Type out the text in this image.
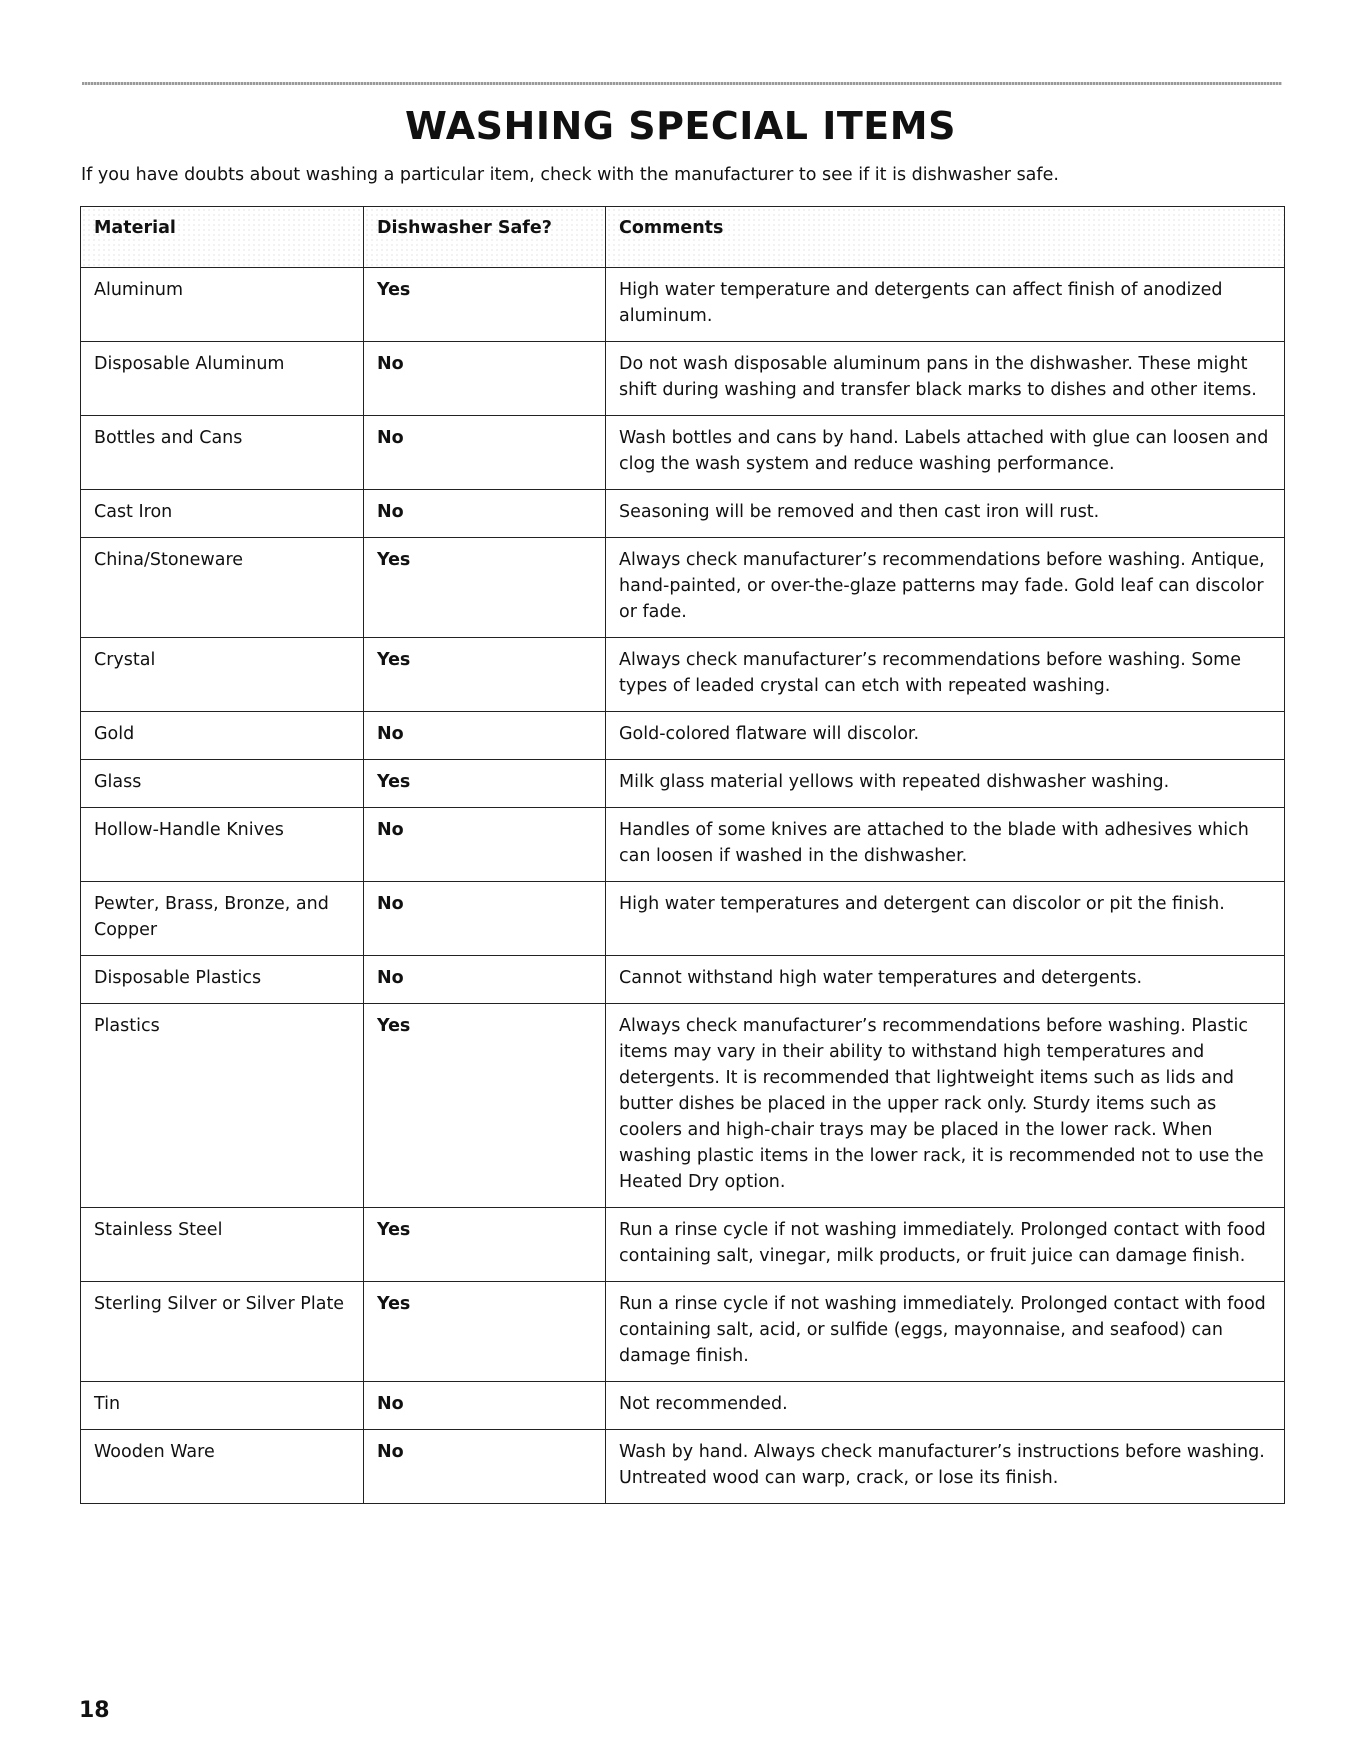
WASHING SPECIAL ITEMS

If you have doubts about washing a particular item, check with the manufacturer to see if it is dishwasher safe.

Material	Dishwasher Safe?	Comments
Aluminum	Yes	High water temperature and detergents can affect finish of anodized aluminum.
Disposable Aluminum	No	Do not wash disposable aluminum pans in the dishwasher. These might shift during washing and transfer black marks to dishes and other items.
Bottles and Cans	No	Wash bottles and cans by hand. Labels attached with glue can loosen and clog the wash system and reduce washing performance.
Cast Iron	No	Seasoning will be removed and then cast iron will rust.
China/Stoneware	Yes	Always check manufacturer’s recommendations before washing. Antique, hand-painted, or over-the-glaze patterns may fade. Gold leaf can discolor or fade.
Crystal	Yes	Always check manufacturer’s recommendations before washing. Some types of leaded crystal can etch with repeated washing.
Gold	No	Gold-colored flatware will discolor.
Glass	Yes	Milk glass material yellows with repeated dishwasher washing.
Hollow-Handle Knives	No	Handles of some knives are attached to the blade with adhesives which can loosen if washed in the dishwasher.
Pewter, Brass, Bronze, and Copper	No	High water temperatures and detergent can discolor or pit the finish.
Disposable Plastics	No	Cannot withstand high water temperatures and detergents.
Plastics	Yes	Always check manufacturer’s recommendations before washing. Plastic items may vary in their ability to withstand high temperatures and detergents. It is recommended that lightweight items such as lids and butter dishes be placed in the upper rack only. Sturdy items such as coolers and high-chair trays may be placed in the lower rack. When washing plastic items in the lower rack, it is recommended not to use the Heated Dry option.
Stainless Steel	Yes	Run a rinse cycle if not washing immediately. Prolonged contact with food containing salt, vinegar, milk products, or fruit juice can damage finish.
Sterling Silver or Silver Plate	Yes	Run a rinse cycle if not washing immediately. Prolonged contact with food containing salt, acid, or sulfide (eggs, mayonnaise, and seafood) can damage finish.
Tin	No	Not recommended.
Wooden Ware	No	Wash by hand. Always check manufacturer’s instructions before washing. Untreated wood can warp, crack, or lose its finish.

18
